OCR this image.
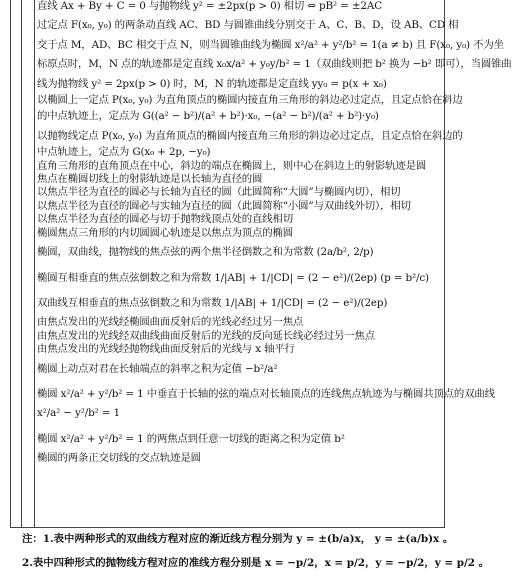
直线 Ax + By + C = 0 与抛物线 y² = ±2px(p > 0) 相切 ⇔ pB² = ±2AC
过定点 F(x₀, y₀) 的两条动直线 AC、BD 与圆锥曲线分别交于 A、C、B、D，设 AB、CD 相
交于点 M，AD、BC 相交于点 N，则当圆锥曲线为椭圆 x²/a² + y²/b² = 1(a ≠ b) 且 F(x₀, y₀) 不为坐
标原点时，M，N 点的轨迹都是定直线 x₀x/a² + y₀y/b² = 1（双曲线则把 b² 换为 −b² 即可），当圆锥曲
线为抛物线 y² = 2px(p > 0) 时，M，N 的轨迹都是定直线 yy₀ = p(x + x₀)
以椭圆上一定点 P(x₀, y₀) 为直角顶点的椭圆内接直角三角形的斜边必过定点，且定点恰在斜边
的中点轨迹上，定点为 G((a² − b²)/(a² + b²)·x₀, −(a² − b²)/(a² + b²)·y₀)
以抛物线定点 P(x₀, y₀) 为直角顶点的椭圆内接直角三角形的斜边必过定点，且定点恰在斜边的
中点轨迹上，定点为 G(x₀ + 2p, −y₀)
直角三角形的直角顶点在中心，斜边的端点在椭圆上，则中心在斜边上的射影轨迹是圆
焦点在椭圆切线上的射影轨迹是以长轴为直径的圆
以焦点半径为直径的圆必与长轴为直径的圆（此圆简称“大圆”与椭圆内切），相切
以焦点半径为直径的圆必与实轴为直径的圆（此圆简称“小圆”与双曲线外切），相切
以焦点半径为直径的圆必与切于抛物线顶点处的直线相切
椭圆焦点三角形的内切圆圆心轨迹是以焦点为顶点的椭圆
椭圆，双曲线，抛物线的焦点弦的两个焦半径倒数之和为常数 (2a/b², 2/p)
椭圆互相垂直的焦点弦倒数之和为常数 1/|AB| + 1/|CD| = (2 − e²)/(2ep) (p = b²/c)
双曲线互相垂直的焦点弦倒数之和为常数 1/|AB| + 1/|CD| = (2 − e²)/(2ep)
由焦点发出的光线经椭圆曲面反射后的光线必经过另一焦点
由焦点发出的光线经双曲线曲面反射后的光线的反向延长线必经过另一焦点
由焦点发出的光线经抛物线曲面反射后的光线与 x 轴平行
椭圆上动点对君在长轴端点的斜率之积为定值 −b²/a²
椭圆 x²/a² + y²/b² = 1 中垂直于长轴的弦的端点对长轴顶点的连线焦点轨迹为与椭圆共顶点的双曲线
x²/a² − y²/b² = 1
椭圆 x²/a² + y²/b² = 1 的两焦点到任意一切线的距离之积为定值 b²
椭圆的两条正交切线的交点轨迹是圆
注：1.表中两种形式的双曲线方程对应的渐近线方程分别为 y = ±(b/a)x， y = ±(a/b)x 。
2.表中四种形式的抛物线方程对应的准线方程分别是 x = −p/2，x = p/2，y = −p/2，y = p/2 。
